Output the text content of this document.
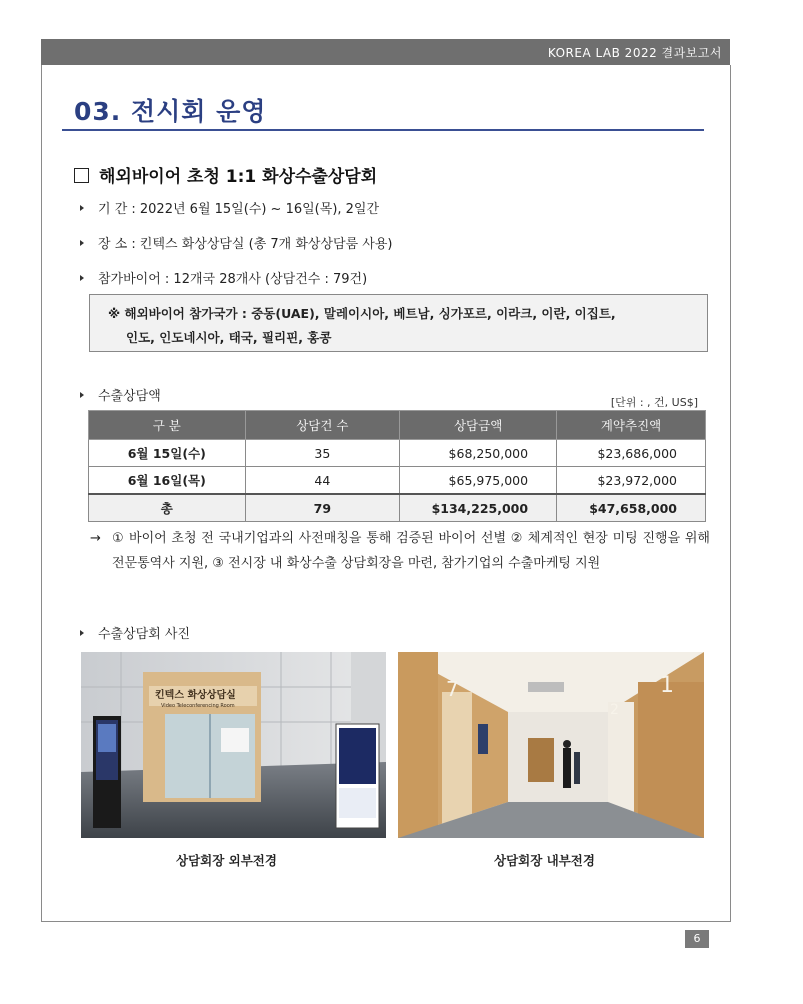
KOREA LAB 2022 결과보고서
03. 전시회 운영
해외바이어 초청 1:1 화상수출상담회
기 간 : 2022년 6월 15일(수) ~ 16일(목), 2일간
장 소 : 킨텍스 화상상담실 (총 7개 화상상담룸 사용)
참가바이어 : 12개국 28개사 (상담건수 : 79건)
※ 해외바이어 참가국가 : 중동(UAE), 말레이시아, 베트남, 싱가포르, 이라크, 이란, 이집트,
인도, 인도네시아, 태국, 필리핀, 홍콩
수출상담액	[단위 : , 건, US$]
구 분	상담건 수	상담금액	계약추진액
6월 15일(수)	35	$68,250,000	$23,686,000
6월 16일(목)	44	$65,975,000	$23,972,000
총	79	$134,225,000	$47,658,000
→ ① 바이어 초청 전 국내기업과의 사전매칭을 통해 검증된 바이어 선별 ② 체계적인 현장 미팅 진행을 위해 전문통역사 지원, ③ 전시장 내 화상수출 상담회장을 마련, 참가기업의 수출마케팅 지원
수출상담회 사진
킨텍스 화상상담실
Video Teleconferencing Room
7	1
2
상담회장 외부전경	상담회장 내부전경
6
